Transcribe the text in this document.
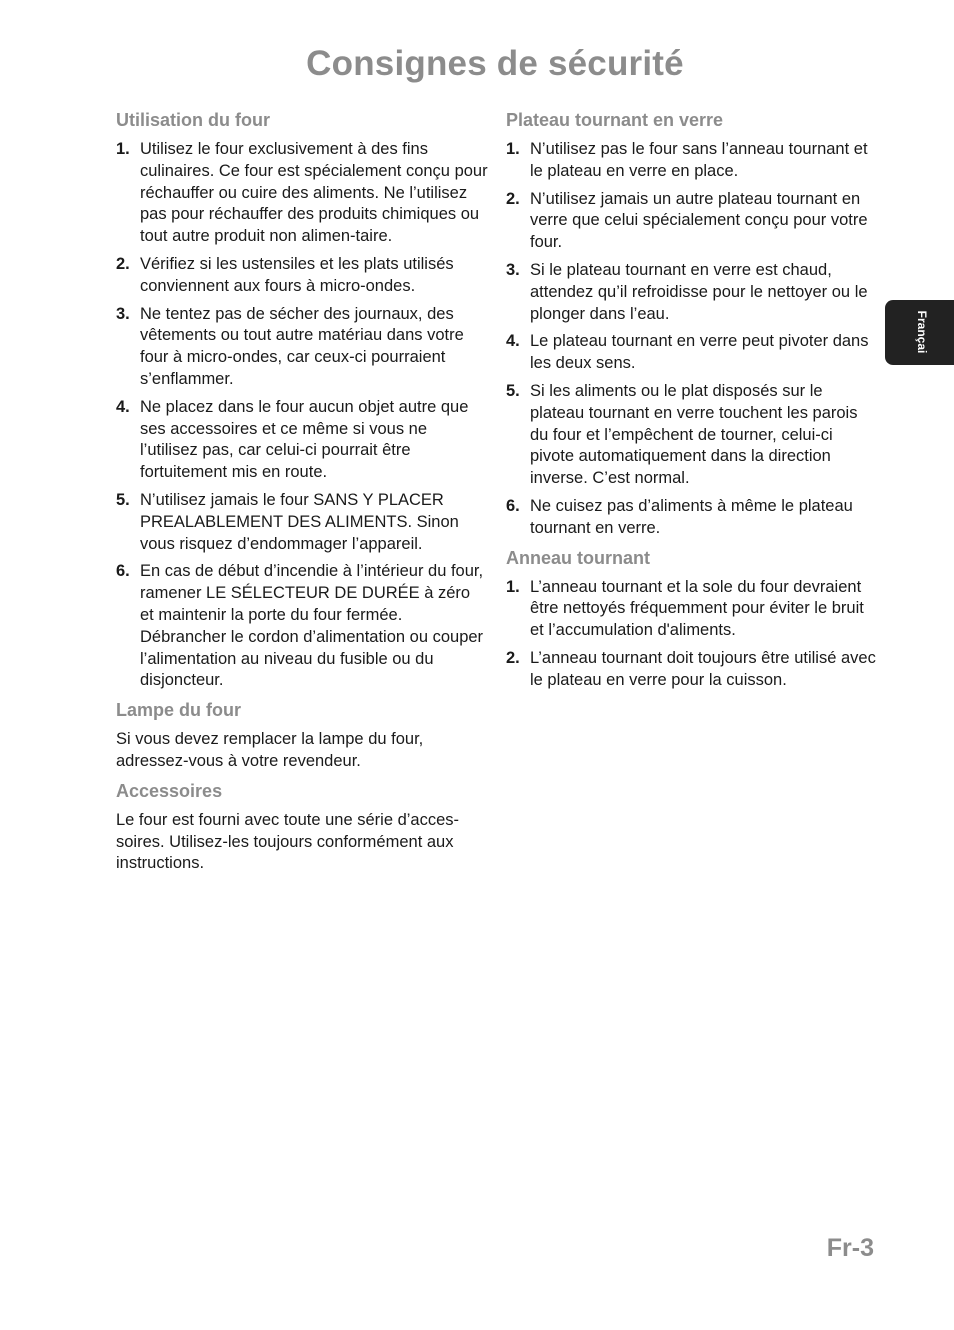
Consignes de sécurité
Utilisation du four
1. Utilisez le four exclusivement à des fins culinaires. Ce four est spécialement conçu pour réchauffer ou cuire des aliments. Ne l’utilisez pas pour réchauffer des produits chimiques ou tout autre produit non alimen-taire.
2. Vérifiez si les ustensiles et les plats utilisés conviennent aux fours à micro-ondes.
3. Ne tentez pas de sécher des journaux, des vêtements ou tout autre matériau dans votre four à micro-ondes, car ceux-ci pourraient s’enflammer.
4. Ne placez dans le four aucun objet autre que ses accessoires et ce même si vous ne l’utilisez pas, car celui-ci pourrait être fortuitement mis en route.
5. N’utilisez jamais le four SANS Y PLACER PREALABLEMENT DES ALIMENTS. Sinon vous risquez d’endommager l’appareil.
6. En cas de début d’incendie à l’intérieur du four, ramener LE SÉLECTEUR DE DURÉE à zéro et maintenir la porte du four fermée. Débrancher le cordon d’alimentation ou couper l’alimentation au niveau du fusible ou du disjoncteur.
Lampe du four

Si vous devez remplacer la lampe du four, adressez-vous à votre revendeur.

Accessoires

Le four est fourni avec toute une série d’acces-soires. Utilisez-les toujours conformément aux instructions.

Plateau tournant en verre
1. N’utilisez pas le four sans l’anneau tournant et le plateau en verre en place.
2. N’utilisez jamais un autre plateau tournant en verre que celui spécialement conçu pour votre four.
3. Si le plateau tournant en verre est chaud, attendez qu’il refroidisse pour le nettoyer ou le plonger dans l’eau.
4. Le plateau tournant en verre peut pivoter dans les deux sens.
5. Si les aliments ou le plat disposés sur le plateau tournant en verre touchent les parois du four et l’empêchent de tourner, celui-ci pivote automatiquement dans la direction inverse. C’est normal.
6. Ne cuisez pas d’aliments à même le plateau tournant en verre.
Anneau tournant
1. L’anneau tournant et la sole du four devraient être nettoyés fréquemment pour éviter le bruit et l’accumulation d'aliments.
2. L’anneau tournant doit toujours être utilisé avec le plateau en verre pour la cuisson.
Françai
Fr-3
